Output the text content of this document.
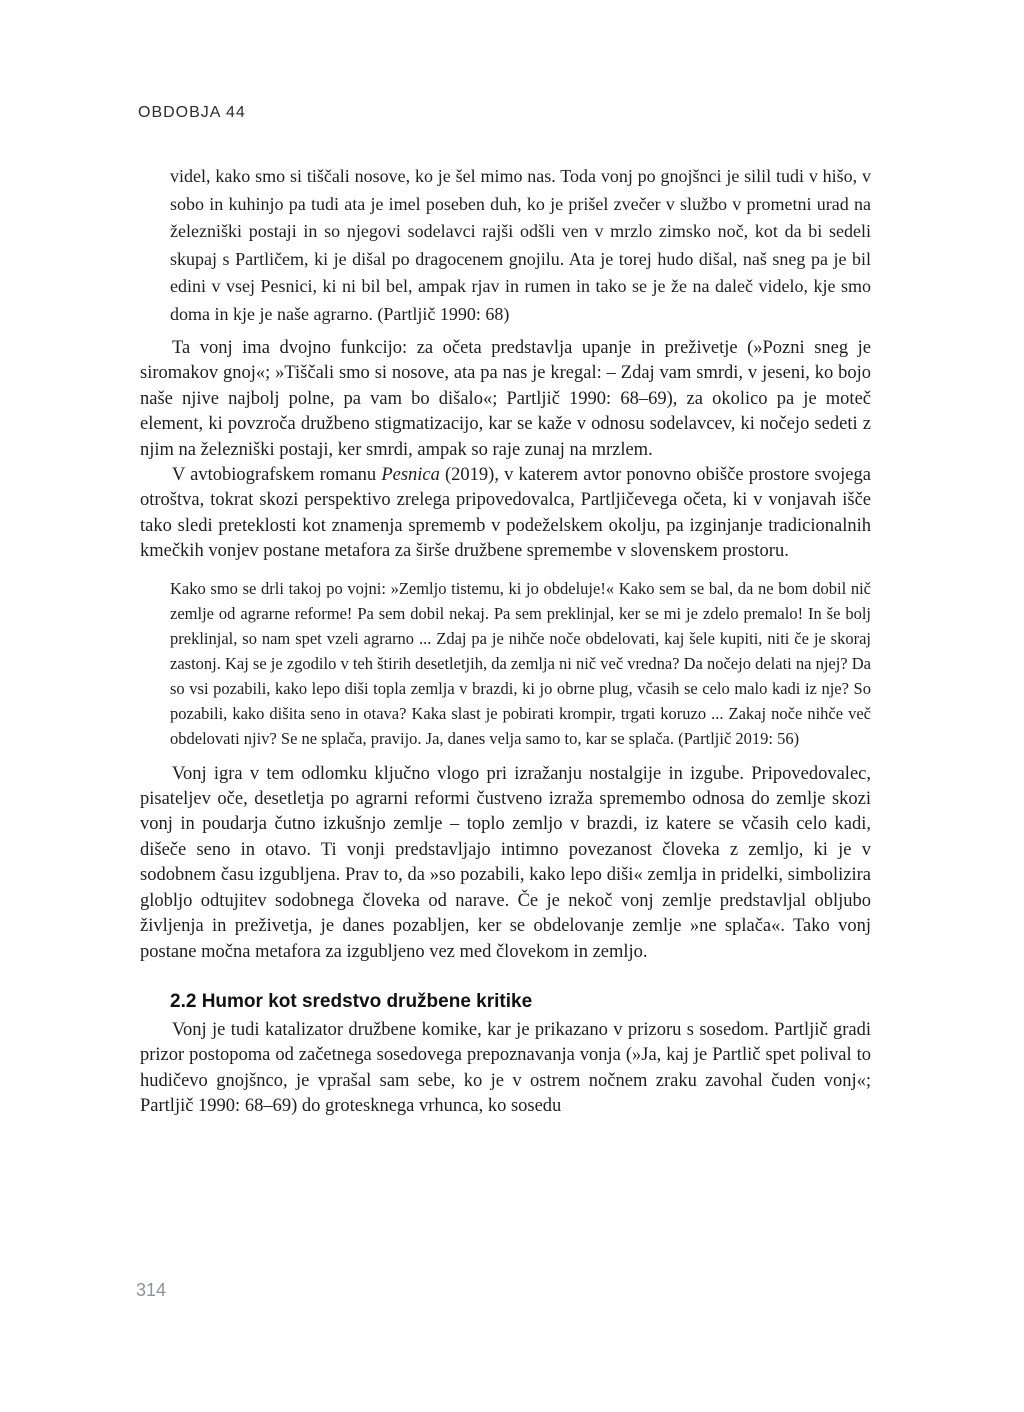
OBDOBJA 44

videl, kako smo si tiščali nosove, ko je šel mimo nas. Toda vonj po gnojšnci je silil tudi v hišo, v sobo in kuhinjo pa tudi ata je imel poseben duh, ko je prišel zvečer v službo v prometni urad na železniški postaji in so njegovi sodelavci rajši odšli ven v mrzlo zimsko noč, kot da bi sedeli skupaj s Partličem, ki je dišal po dragocenem gnojilu. Ata je torej hudo dišal, naš sneg pa je bil edini v vsej Pesnici, ki ni bil bel, ampak rjav in rumen in tako se je že na daleč videlo, kje smo doma in kje je naše agrarno. (Partljič 1990: 68)

Ta vonj ima dvojno funkcijo: za očeta predstavlja upanje in preživetje (»Pozni sneg je siromakov gnoj«; »Tiščali smo si nosove, ata pa nas je kregal: – Zdaj vam smrdi, v jeseni, ko bojo naše njive najbolj polne, pa vam bo dišalo«; Partljič 1990: 68–69), za okolico pa je moteč element, ki povzroča družbeno stigmatizacijo, kar se kaže v odnosu sodelavcev, ki nočejo sedeti z njim na železniški postaji, ker smrdi, ampak so raje zunaj na mrzlem.

V avtobiografskem romanu Pesnica (2019), v katerem avtor ponovno obišče prostore svojega otroštva, tokrat skozi perspektivo zrelega pripovedovalca, Partljičevega očeta, ki v vonjavah išče tako sledi preteklosti kot znamenja sprememb v podeželskem okolju, pa izginjanje tradicionalnih kmečkih vonjev postane metafora za širše družbene spremembe v slovenskem prostoru.

Kako smo se drli takoj po vojni: »Zemljo tistemu, ki jo obdeluje!« Kako sem se bal, da ne bom dobil nič zemlje od agrarne reforme! Pa sem dobil nekaj. Pa sem preklinjal, ker se mi je zdelo premalo! In še bolj preklinjal, so nam spet vzeli agrarno ... Zdaj pa je nihče noče obdelovati, kaj šele kupiti, niti če je skoraj zastonj. Kaj se je zgodilo v teh štirih desetletjih, da zemlja ni nič več vredna? Da nočejo delati na njej? Da so vsi pozabili, kako lepo diši topla zemlja v brazdi, ki jo obrne plug, včasih se celo malo kadi iz nje? So pozabili, kako dišita seno in otava? Kaka slast je pobirati krompir, trgati koruzo ... Zakaj noče nihče več obdelovati njiv? Se ne splača, pravijo. Ja, danes velja samo to, kar se splača. (Partljič 2019: 56)

Vonj igra v tem odlomku ključno vlogo pri izražanju nostalgije in izgube. Pripovedovalec, pisateljev oče, desetletja po agrarni reformi čustveno izraža spremembo odnosa do zemlje skozi vonj in poudarja čutno izkušnjo zemlje – toplo zemljo v brazdi, iz katere se včasih celo kadi, dišeče seno in otavo. Ti vonji predstavljajo intimno povezanost človeka z zemljo, ki je v sodobnem času izgubljena. Prav to, da »so pozabili, kako lepo diši« zemlja in pridelki, simbolizira globljo odtujitev sodobnega človeka od narave. Če je nekoč vonj zemlje predstavljal obljubo življenja in preživetja, je danes pozabljen, ker se obdelovanje zemlje »ne splača«. Tako vonj postane močna metafora za izgubljeno vez med človekom in zemljo.

2.2 Humor kot sredstvo družbene kritike

Vonj je tudi katalizator družbene komike, kar je prikazano v prizoru s sosedom. Partljič gradi prizor postopoma od začetnega sosedovega prepoznavanja vonja (»Ja, kaj je Partlič spet polival to hudičevo gnojšnco, je vprašal sam sebe, ko je v ostrem nočnem zraku zavohal čuden vonj«; Partljič 1990: 68–69) do grotesknega vrhunca, ko sosedu

314
